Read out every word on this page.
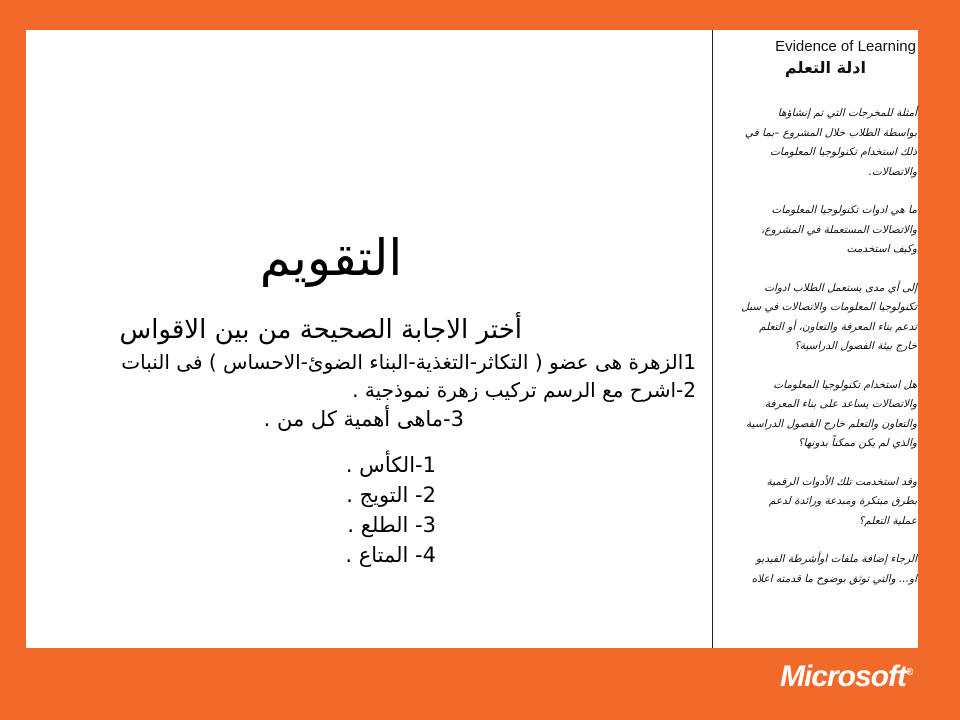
التقويم
أختر الاجابة الصحيحة من بين الاقواس
1الزهرة هى عضو ( التكاثر-التغذية-البناء الضوئ-الاحساس ) فى النبات
2-اشرح مع الرسم تركيب زهرة نموذجية .
3-ماهى أهمية كل من .
1-الكأس .
2- التويج .
3- الطلع .
4- المتاع .
Evidence of Learning
ادلة التعلم

أمثلة للمخرجات التي تم إنشاؤها بواسطة الطلاب خلال المشروع –بما في ذلك استخدام تكنولوجيا المعلومات والاتصالات.

ما هي ادوات تكنولوجيا المعلومات والاتصالات المستعملة في المشروع، وكيف استخدمت

إلى أي مدى يستعمل الطلاب ادوات تكنولوجيا المعلومات والاتصالات في سبل تدعم بناء المعرفة والتعاون، أو التعلم خارج بيئة الفصول الدراسية؟

هل استخدام تكنولوجيا المعلومات والاتصالات يساعد على بناء المعرفة والتعاون والتعلم خارج الفصول الدراسية والذي لم يكن ممكناً بدونها؟

وقد استخدمت تلك الأدوات الرقمية بطرق مبتكرة ومبدعة ورائدة لدعم عملية التعلم؟

الرجاء إضافة ملفات اوأشرطة الفيديو او... والتي توثق بوضوح ما قدمته اعلاه

Microsoft®
